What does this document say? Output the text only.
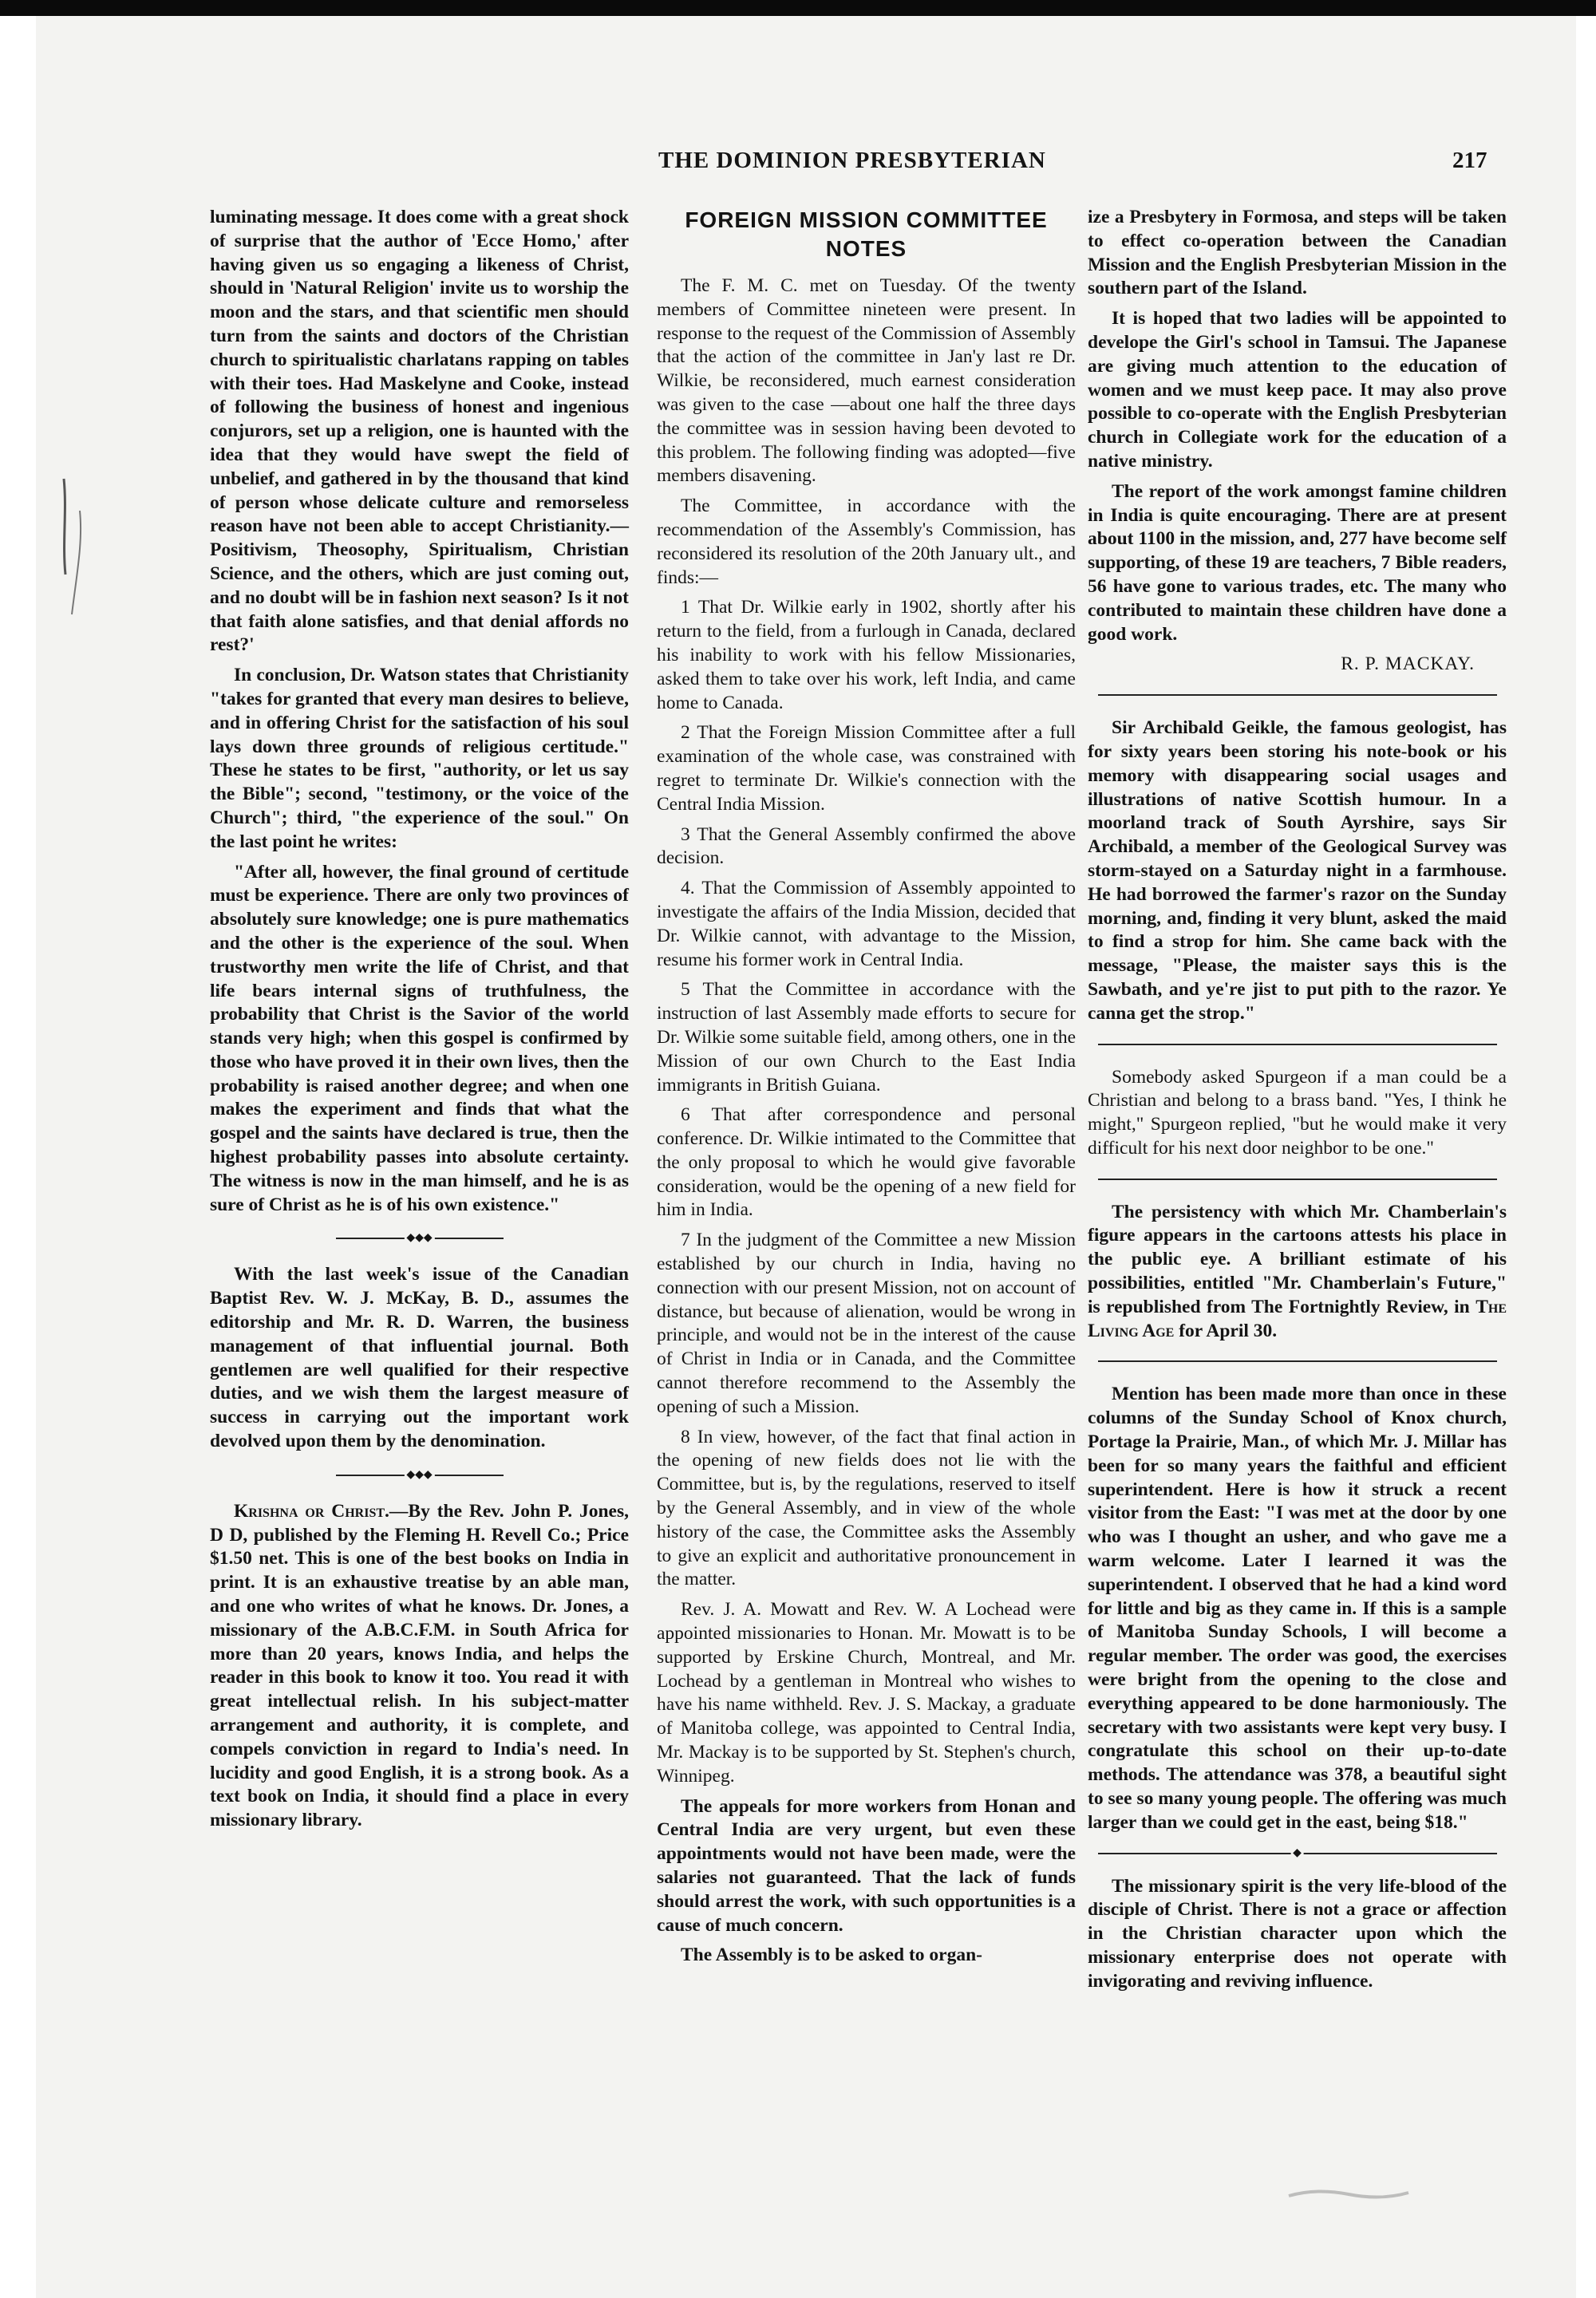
THE DOMINION PRESBYTERIAN	217

luminating message. It does come with a great shock of surprise that the author of 'Ecce Homo,' after having given us so engaging a likeness of Christ, should in 'Natural Religion' invite us to worship the moon and the stars, and that scientific men should turn from the saints and doctors of the Christian church to spiritualistic charlatans rapping on tables with their toes. Had Maskelyne and Cooke, instead of following the business of honest and ingenious conjurors, set up a religion, one is haunted with the idea that they would have swept the field of unbelief, and gathered in by the thousand that kind of person whose delicate culture and remorseless reason have not been able to accept Christianity.—Positivism, Theosophy, Spiritualism, Christian Science, and the others, which are just coming out, and no doubt will be in fashion next season? Is it not that faith alone satisfies, and that denial affords no rest?'

In conclusion, Dr. Watson states that Christianity "takes for granted that every man desires to believe, and in offering Christ for the satisfaction of his soul lays down three grounds of religious certitude." These he states to be first, "authority, or let us say the Bible"; second, "testimony, or the voice of the Church"; third, "the experience of the soul." On the last point he writes:

"After all, however, the final ground of certitude must be experience. There are only two provinces of absolutely sure knowledge; one is pure mathematics and the other is the experience of the soul. When trustworthy men write the life of Christ, and that life bears internal signs of truthfulness, the probability that Christ is the Savior of the world stands very high; when this gospel is confirmed by those who have proved it in their own lives, then the probability is raised another degree; and when one makes the experiment and finds that what the gospel and the saints have declared is true, then the highest probability passes into absolute certainty. The witness is now in the man himself, and he is as sure of Christ as he is of his own existence."

◆◆◆

With the last week's issue of the Canadian Baptist Rev. W. J. McKay, B. D., assumes the editorship and Mr. R. D. Warren, the business management of that influential journal. Both gentlemen are well qualified for their respective duties, and we wish them the largest measure of success in carrying out the important work devolved upon them by the denomination.

◆◆◆

Krishna or Christ.—By the Rev. John P. Jones, D D, published by the Fleming H. Revell Co.; Price $1.50 net. This is one of the best books on India in print. It is an exhaustive treatise by an able man, and one who writes of what he knows. Dr. Jones, a missionary of the A.B.C.F.M. in South Africa for more than 20 years, knows India, and helps the reader in this book to know it too. You read it with great intellectual relish. In his subject-matter arrangement and authority, it is complete, and compels conviction in regard to India's need. In lucidity and good English, it is a strong book. As a text book on India, it should find a place in every missionary library.

FOREIGN MISSION COMMITTEE NOTES

The F. M. C. met on Tuesday. Of the twenty members of Committee nineteen were present. In response to the request of the Commission of Assembly that the action of the committee in Jan'y last re Dr. Wilkie, be reconsidered, much earnest consideration was given to the case —about one half the three days the committee was in session having been devoted to this problem. The following finding was adopted—five members disavening.

The Committee, in accordance with the recommendation of the Assembly's Commission, has reconsidered its resolution of the 20th January ult., and finds:—

1 That Dr. Wilkie early in 1902, shortly after his return to the field, from a furlough in Canada, declared his inability to work with his fellow Missionaries, asked them to take over his work, left India, and came home to Canada.

2 That the Foreign Mission Committee after a full examination of the whole case, was constrained with regret to terminate Dr. Wilkie's connection with the Central India Mission.

3 That the General Assembly confirmed the above decision.

4. That the Commission of Assembly appointed to investigate the affairs of the India Mission, decided that Dr. Wilkie cannot, with advantage to the Mission, resume his former work in Central India.

5 That the Committee in accordance with the instruction of last Assembly made efforts to secure for Dr. Wilkie some suitable field, among others, one in the Mission of our own Church to the East India immigrants in British Guiana.

6 That after correspondence and personal conference. Dr. Wilkie intimated to the Committee that the only proposal to which he would give favorable consideration, would be the opening of a new field for him in India.

7 In the judgment of the Committee a new Mission established by our church in India, having no connection with our present Mission, not on account of distance, but because of alienation, would be wrong in principle, and would not be in the interest of the cause of Christ in India or in Canada, and the Committee cannot therefore recommend to the Assembly the opening of such a Mission.

8 In view, however, of the fact that final action in the opening of new fields does not lie with the Committee, but is, by the regulations, reserved to itself by the General Assembly, and in view of the whole history of the case, the Committee asks the Assembly to give an explicit and authoritative pronouncement in the matter.

Rev. J. A. Mowatt and Rev. W. A Lochead were appointed missionaries to Honan. Mr. Mowatt is to be supported by Erskine Church, Montreal, and Mr. Lochead by a gentleman in Montreal who wishes to have his name withheld. Rev. J. S. Mackay, a graduate of Manitoba college, was appointed to Central India, Mr. Mackay is to be supported by St. Stephen's church, Winnipeg.

The appeals for more workers from Honan and Central India are very urgent, but even these appointments would not have been made, were the salaries not guaranteed. That the lack of funds should arrest the work, with such opportunities is a cause of much concern.

The Assembly is to be asked to organ-

ize a Presbytery in Formosa, and steps will be taken to effect co-operation between the Canadian Mission and the English Presbyterian Mission in the southern part of the Island.

It is hoped that two ladies will be appointed to develope the Girl's school in Tamsui. The Japanese are giving much attention to the education of women and we must keep pace. It may also prove possible to co-operate with the English Presbyterian church in Collegiate work for the education of a native ministry.

The report of the work amongst famine children in India is quite encouraging. There are at present about 1100 in the mission, and, 277 have become self supporting, of these 19 are teachers, 7 Bible readers, 56 have gone to various trades, etc. The many who contributed to maintain these children have done a good work.

R. P. MACKAY.

Sir Archibald Geikle, the famous geologist, has for sixty years been storing his note-book or his memory with disappearing social usages and illustrations of native Scottish humour. In a moorland track of South Ayrshire, says Sir Archibald, a member of the Geological Survey was storm-stayed on a Saturday night in a farmhouse. He had borrowed the farmer's razor on the Sunday morning, and, finding it very blunt, asked the maid to find a strop for him. She came back with the message, "Please, the maister says this is the Sawbath, and ye're jist to put pith to the razor. Ye canna get the strop."

Somebody asked Spurgeon if a man could be a Christian and belong to a brass band. "Yes, I think he might," Spurgeon replied, "but he would make it very difficult for his next door neighbor to be one."

The persistency with which Mr. Chamberlain's figure appears in the cartoons attests his place in the public eye. A brilliant estimate of his possibilities, entitled "Mr. Chamberlain's Future," is republished from The Fortnightly Review, in The Living Age for April 30.

Mention has been made more than once in these columns of the Sunday School of Knox church, Portage la Prairie, Man., of which Mr. J. Millar has been for so many years the faithful and efficient superintendent. Here is how it struck a recent visitor from the East: "I was met at the door by one who was I thought an usher, and who gave me a warm welcome. Later I learned it was the superintendent. I observed that he had a kind word for little and big as they came in. If this is a sample of Manitoba Sunday Schools, I will become a regular member. The order was good, the exercises were bright from the opening to the close and everything appeared to be done harmoniously. The secretary with two assistants were kept very busy. I congratulate this school on their up-to-date methods. The attendance was 378, a beautiful sight to see so many young people. The offering was much larger than we could get in the east, being $18."

◆

The missionary spirit is the very life-blood of the disciple of Christ. There is not a grace or affection in the Christian character upon which the missionary enterprise does not operate with invigorating and reviving influence.
